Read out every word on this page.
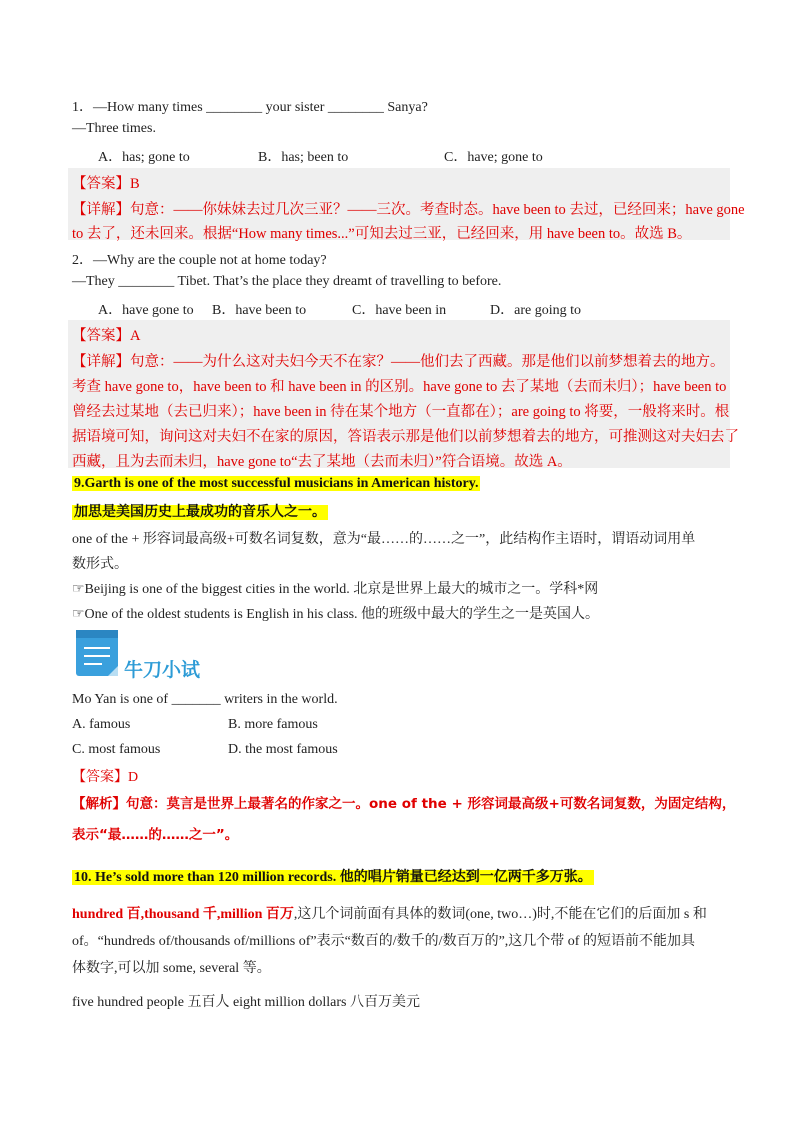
1．—How many times ________ your sister ________ Sanya?
—Three times.
A．has; gone to	B．has; been to	C．have; gone to
【答案】B
【详解】句意：——你妹妹去过几次三亚？——三次。考查时态。have been to 去过，已经回来；have gone
to 去了，还未回来。根据“How many times...”可知去过三亚，已经回来，用 have been to。故选 B。
2．—Why are the couple not at home today?
—They ________ Tibet. That’s the place they dreamt of travelling to before.
A．have gone to B．have been to	C．have been in	D．are going to
【答案】A
【详解】句意：——为什么这对夫妇今天不在家？——他们去了西藏。那是他们以前梦想着去的地方。
考查 have gone to，have been to 和 have been in 的区别。have gone to 去了某地（去而未归）；have been to
曾经去过某地（去已归来）；have been in 待在某个地方（一直都在）；are going to 将要，一般将来时。根
据语境可知，询问这对夫妇不在家的原因，答语表示那是他们以前梦想着去的地方，可推测这对夫妇去了
西藏，且为去而未归，have gone to“去了某地（去而未归）”符合语境。故选 A。
9.Garth is one of the most successful musicians in American history.
加思是美国历史上最成功的音乐人之一。
one of the + 形容词最高级+可数名词复数，意为“最……的……之一”，此结构作主语时，谓语动词用单
数形式。
☞Beijing is one of the biggest cities in the world. 北京是世界上最大的城市之一。学科*网
☞One of the oldest students is English in his class. 他的班级中最大的学生之一是英国人。
牛刀小试
Mo Yan is one of _______ writers in the world.
A. famous	B. more famous
C. most famous	D. the most famous
【答案】D
【解析】句意：莫言是世界上最著名的作家之一。one of the + 形容词最高级+可数名词复数，为固定结构，
表示“最……的……之一”。
10. He’s sold more than 120 million records. 他的唱片销量已经达到一亿两千多万张。
hundred 百,thousand 千,million 百万,这几个词前面有具体的数词(one, two…)时,不能在它们的后面加 s 和
of。“hundreds of/thousands of/millions of”表示“数百的/数千的/数百万的”,这几个带 of 的短语前不能加具
体数字,可以加 some, several 等。
five hundred people 五百人 eight million dollars 八百万美元
